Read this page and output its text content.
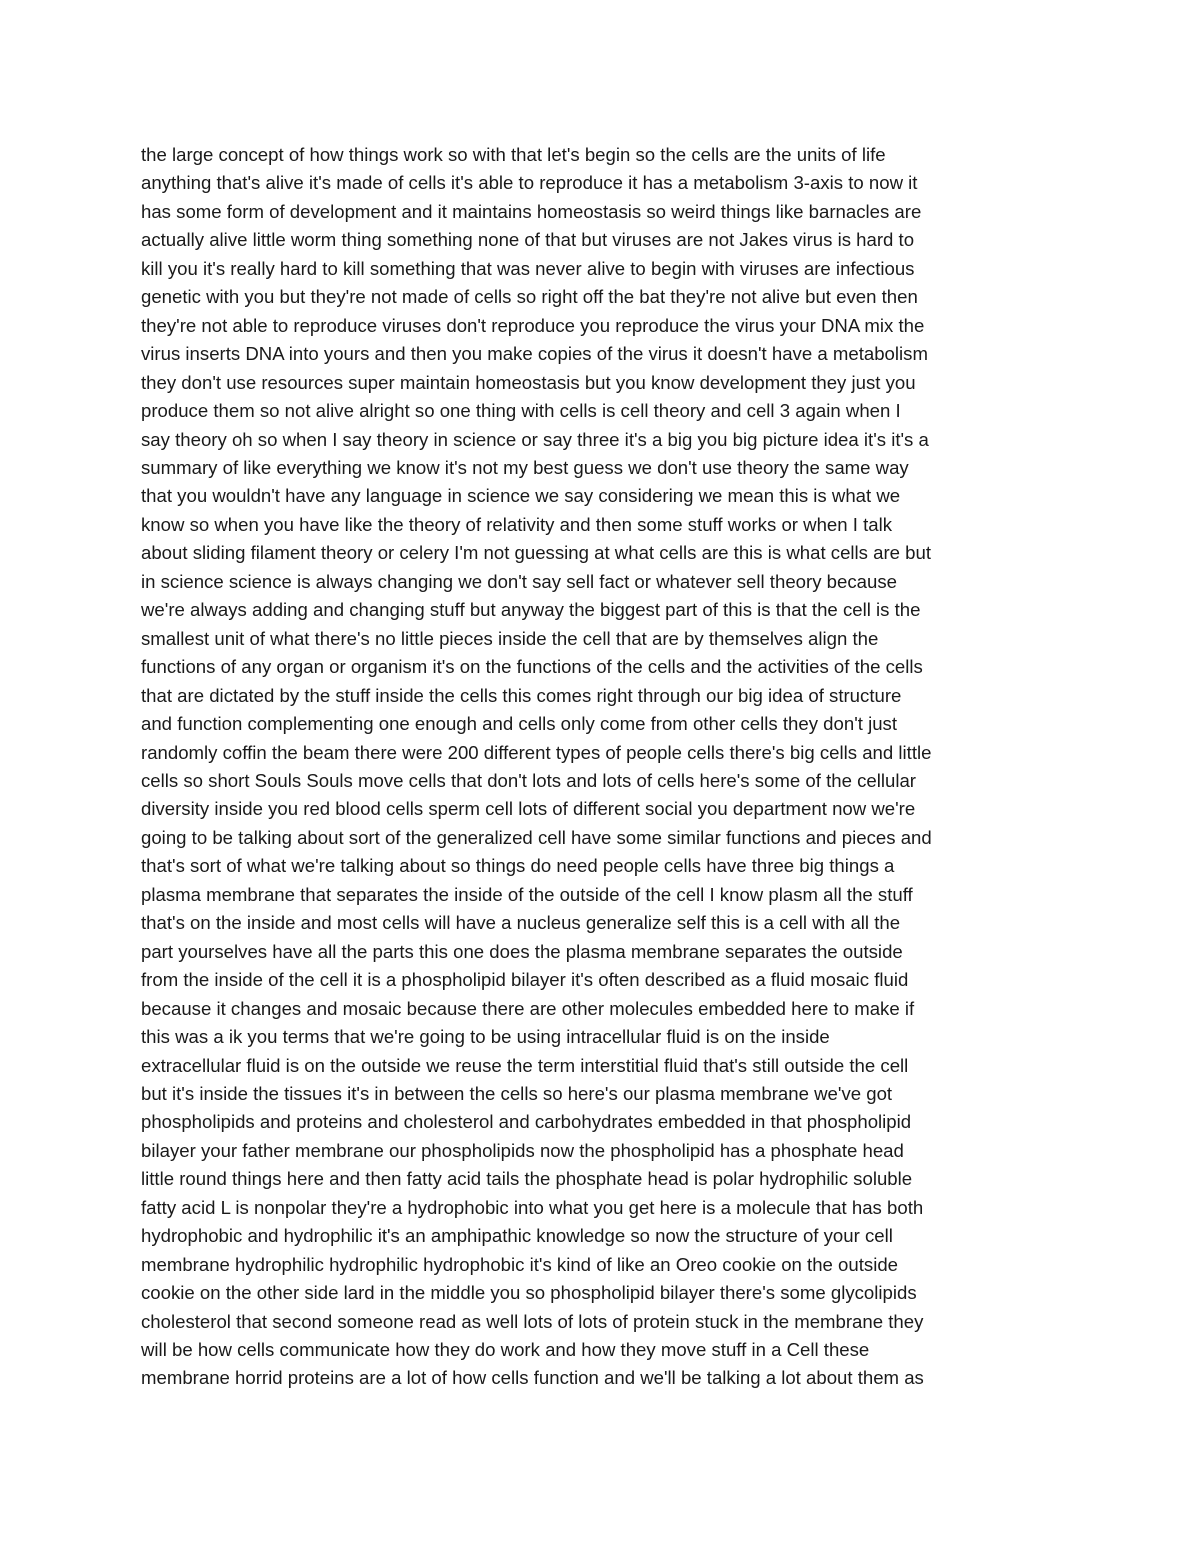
the large concept of how things work so with that let's begin so the cells are the units of life

anything that's alive it's made of cells it's able to reproduce it has a metabolism 3-axis to now it

has some form of development and it maintains homeostasis so weird things like barnacles are

actually alive little worm thing something none of that but viruses are not Jakes virus is hard to

kill you it's really hard to kill something that was never alive to begin with viruses are infectious

genetic with you but they're not made of cells so right off the bat they're not alive but even then

they're not able to reproduce viruses don't reproduce you reproduce the virus your DNA mix the

virus inserts DNA into yours and then you make copies of the virus it doesn't have a metabolism

they don't use resources super maintain homeostasis but you know development they just you

produce them so not alive alright so one thing with cells is cell theory and cell 3 again when I

say theory oh so when I say theory in science or say three it's a big you big picture idea it's it's a

summary of like everything we know it's not my best guess we don't use theory the same way

that you wouldn't have any language in science we say considering we mean this is what we

know so when you have like the theory of relativity and then some stuff works or when I talk

about sliding filament theory or celery I'm not guessing at what cells are this is what cells are but

in science science is always changing we don't say sell fact or whatever sell theory because

we're always adding and changing stuff but anyway the biggest part of this is that the cell is the

smallest unit of what there's no little pieces inside the cell that are by themselves align the

functions of any organ or organism it's on the functions of the cells and the activities of the cells

that are dictated by the stuff inside the cells this comes right through our big idea of structure

and function complementing one enough and cells only come from other cells they don't just

randomly coffin the beam there were 200 different types of people cells there's big cells and little

cells so short Souls Souls move cells that don't lots and lots of cells here's some of the cellular

diversity inside you red blood cells sperm cell lots of different social you department now we're

going to be talking about sort of the generalized cell have some similar functions and pieces and

that's sort of what we're talking about so things do need people cells have three big things a

plasma membrane that separates the inside of the outside of the cell I know plasm all the stuff

that's on the inside and most cells will have a nucleus generalize self this is a cell with all the

part yourselves have all the parts this one does the plasma membrane separates the outside

from the inside of the cell it is a phospholipid bilayer it's often described as a fluid mosaic fluid

because it changes and mosaic because there are other molecules embedded here to make if

this was a ik you terms that we're going to be using intracellular fluid is on the inside

extracellular fluid is on the outside we reuse the term interstitial fluid that's still outside the cell

but it's inside the tissues it's in between the cells so here's our plasma membrane we've got

phospholipids and proteins and cholesterol and carbohydrates embedded in that phospholipid

bilayer your father membrane our phospholipids now the phospholipid has a phosphate head

little round things here and then fatty acid tails the phosphate head is polar hydrophilic soluble

fatty acid L is nonpolar they're a hydrophobic into what you get here is a molecule that has both

hydrophobic and hydrophilic it's an amphipathic knowledge so now the structure of your cell

membrane hydrophilic hydrophilic hydrophobic it's kind of like an Oreo cookie on the outside

cookie on the other side lard in the middle you so phospholipid bilayer there's some glycolipids

cholesterol that second someone read as well lots of lots of protein stuck in the membrane they

will be how cells communicate how they do work and how they move stuff in a Cell these

membrane horrid proteins are a lot of how cells function and we'll be talking a lot about them as
